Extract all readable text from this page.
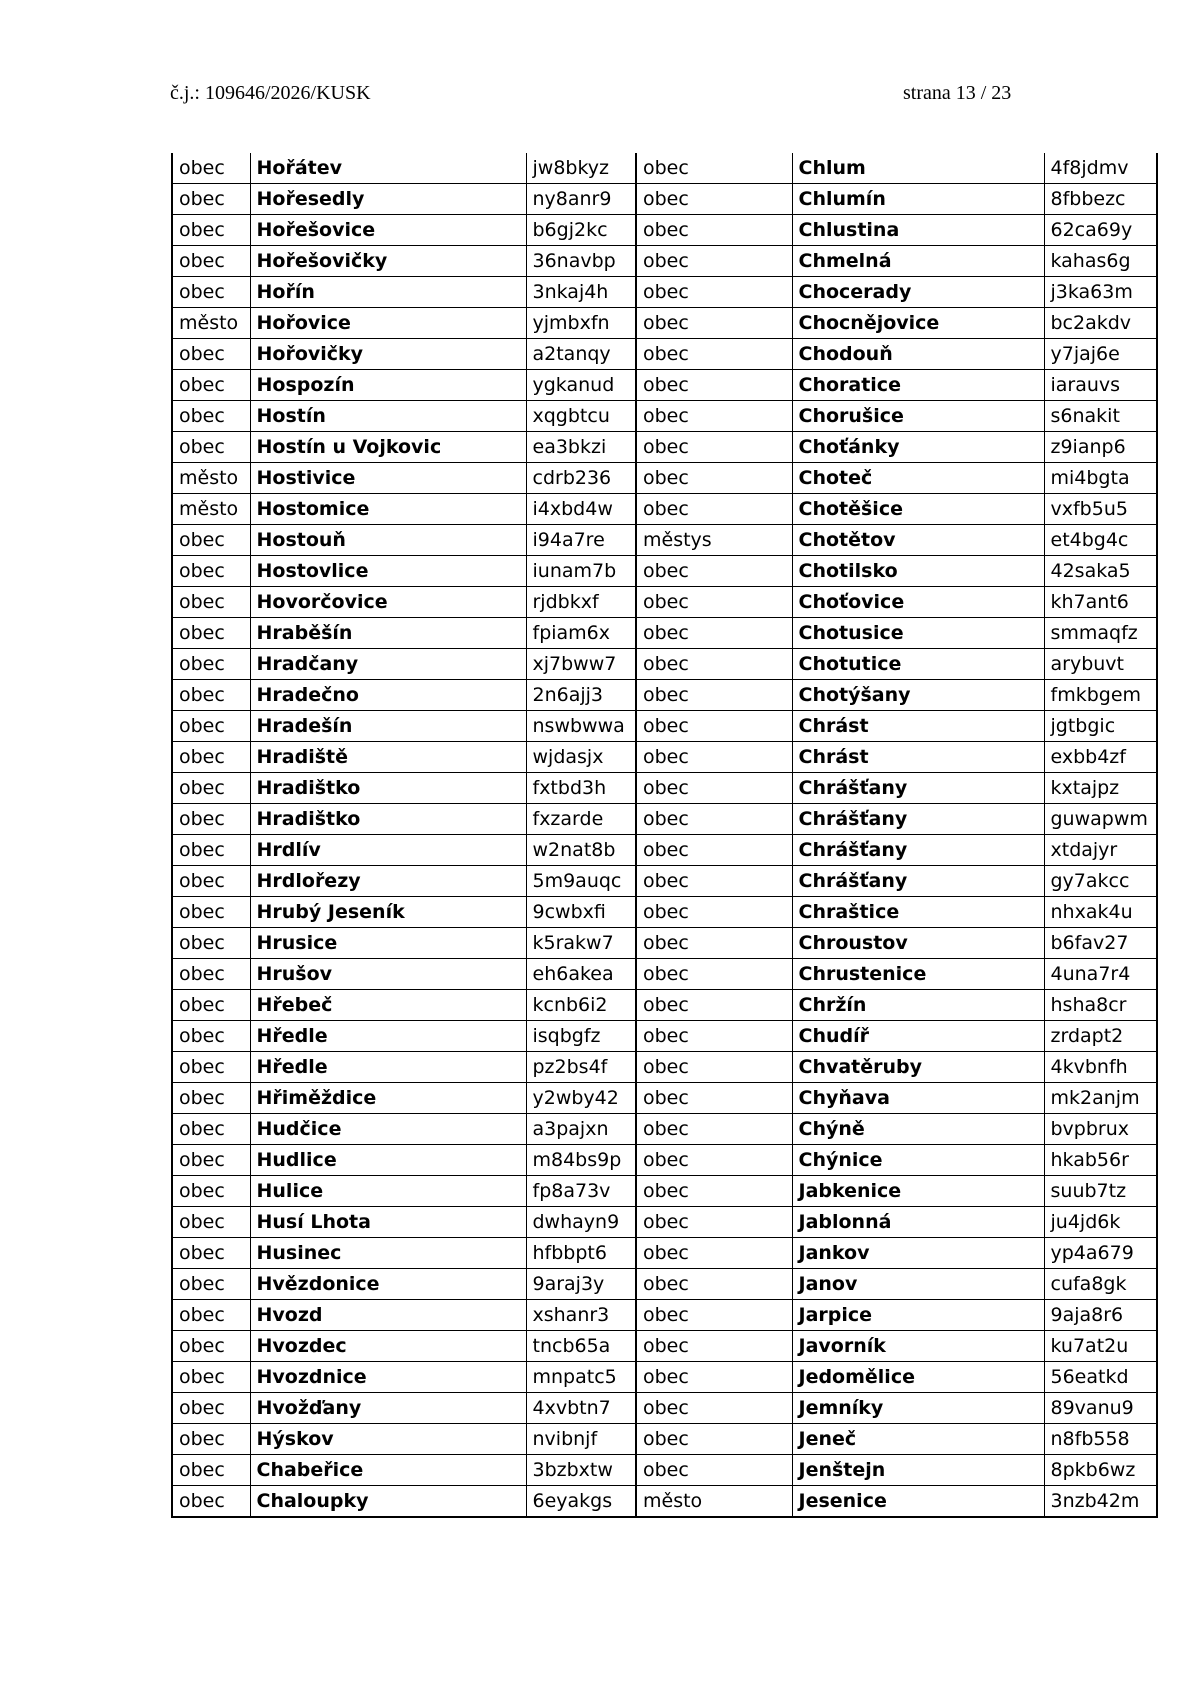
č.j.: 109646/2026/KUSK	strana 13 / 23
obec	Hořátev	jw8bkyz	obec	Chlum	4f8jdmv
obec	Hořesedly	ny8anr9	obec	Chlumín	8fbbezc
obec	Hořešovice	b6gj2kc	obec	Chlustina	62ca69y
obec	Hořešovičky	36navbp	obec	Chmelná	kahas6g
obec	Hořín	3nkaj4h	obec	Chocerady	j3ka63m
město	Hořovice	yjmbxfn	obec	Chocnějovice	bc2akdv
obec	Hořovičky	a2tanqy	obec	Chodouň	y7jaj6e
obec	Hospozín	ygkanud	obec	Choratice	iarauvs
obec	Hostín	xqgbtcu	obec	Chorušice	s6nakit
obec	Hostín u Vojkovic	ea3bkzi	obec	Choťánky	z9ianp6
město	Hostivice	cdrb236	obec	Choteč	mi4bgta
město	Hostomice	i4xbd4w	obec	Chotěšice	vxfb5u5
obec	Hostouň	i94a7re	městys	Chotětov	et4bg4c
obec	Hostovlice	iunam7b	obec	Chotilsko	42saka5
obec	Hovorčovice	rjdbkxf	obec	Choťovice	kh7ant6
obec	Hraběšín	fpiam6x	obec	Chotusice	smmaqfz
obec	Hradčany	xj7bww7	obec	Chotutice	arybuvt
obec	Hradečno	2n6ajj3	obec	Chotýšany	fmkbgem
obec	Hradešín	nswbwwa	obec	Chrást	jgtbgic
obec	Hradiště	wjdasjx	obec	Chrást	exbb4zf
obec	Hradištko	fxtbd3h	obec	Chrášťany	kxtajpz
obec	Hradištko	fxzarde	obec	Chrášťany	guwapwm
obec	Hrdlív	w2nat8b	obec	Chrášťany	xtdajyr
obec	Hrdlořezy	5m9auqc	obec	Chrášťany	gy7akcc
obec	Hrubý Jeseník	9cwbxfi	obec	Chraštice	nhxak4u
obec	Hrusice	k5rakw7	obec	Chroustov	b6fav27
obec	Hrušov	eh6akea	obec	Chrustenice	4una7r4
obec	Hřebeč	kcnb6i2	obec	Chržín	hsha8cr
obec	Hředle	isqbgfz	obec	Chudíř	zrdapt2
obec	Hředle	pz2bs4f	obec	Chvatěruby	4kvbnfh
obec	Hřiměždice	y2wby42	obec	Chyňava	mk2anjm
obec	Hudčice	a3pajxn	obec	Chýně	bvpbrux
obec	Hudlice	m84bs9p	obec	Chýnice	hkab56r
obec	Hulice	fp8a73v	obec	Jabkenice	suub7tz
obec	Husí Lhota	dwhayn9	obec	Jablonná	ju4jd6k
obec	Husinec	hfbbpt6	obec	Jankov	yp4a679
obec	Hvězdonice	9araj3y	obec	Janov	cufa8gk
obec	Hvozd	xshanr3	obec	Jarpice	9aja8r6
obec	Hvozdec	tncb65a	obec	Javorník	ku7at2u
obec	Hvozdnice	mnpatc5	obec	Jedomělice	56eatkd
obec	Hvožďany	4xvbtn7	obec	Jemníky	89vanu9
obec	Hýskov	nvibnjf	obec	Jeneč	n8fb558
obec	Chabeřice	3bzbxtw	obec	Jenštejn	8pkb6wz
obec	Chaloupky	6eyakgs	město	Jesenice	3nzb42m
